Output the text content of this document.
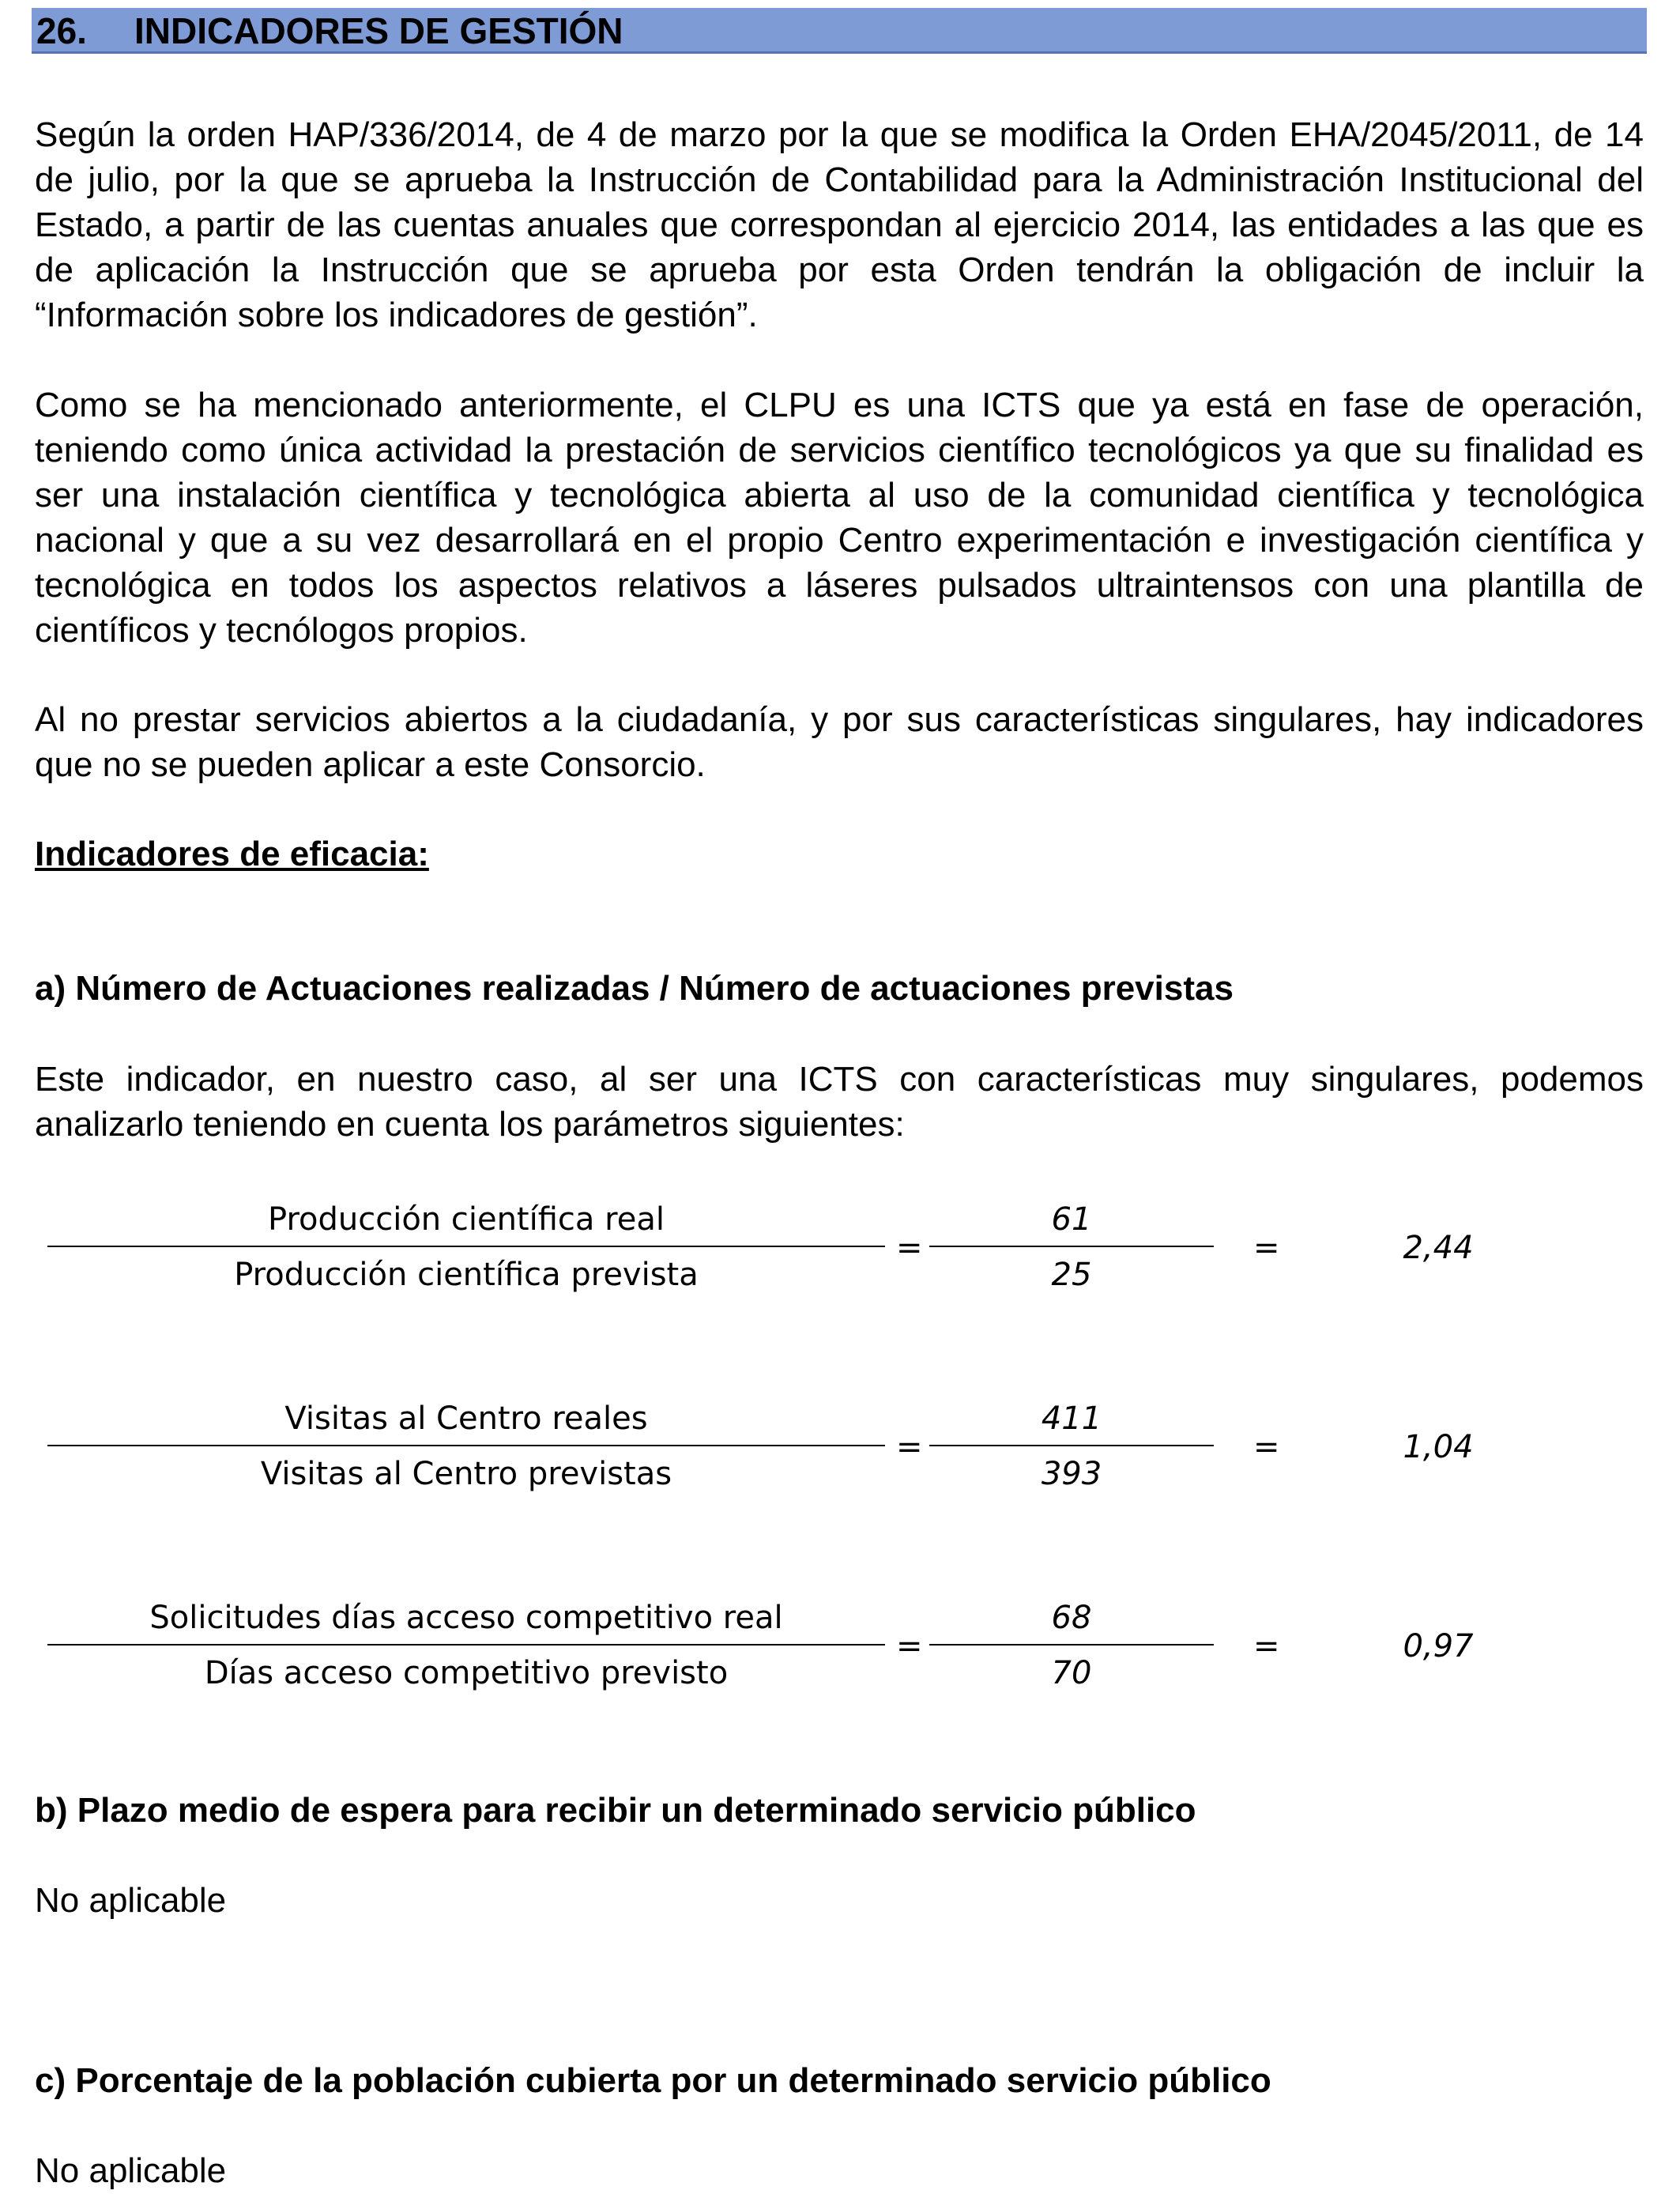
26. INDICADORES DE GESTIÓN

Según la orden HAP/336/2014, de 4 de marzo por la que se modifica la Orden EHA/2045/2011, de 14 de julio, por la que se aprueba la Instrucción de Contabilidad para la Administración Institucional del Estado, a partir de las cuentas anuales que correspondan al ejercicio 2014, las entidades a las que es de aplicación la Instrucción que se aprueba por esta Orden tendrán la obligación de incluir la “Información sobre los indicadores de gestión”.

Como se ha mencionado anteriormente, el CLPU es una ICTS que ya está en fase de operación, teniendo como única actividad la prestación de servicios científico tecnológicos ya que su finalidad es ser una instalación científica y tecnológica abierta al uso de la comunidad científica y tecnológica nacional y que a su vez desarrollará en el propio Centro experimentación e investigación científica y tecnológica en todos los aspectos relativos a láseres pulsados ultraintensos con una plantilla de científicos y tecnólogos propios.

Al no prestar servicios abiertos a la ciudadanía, y por sus características singulares, hay indicadores que no se pueden aplicar a este Consorcio.

Indicadores de eficacia:

a) Número de Actuaciones realizadas / Número de actuaciones previstas

Este indicador, en nuestro caso, al ser una ICTS con características muy singulares, podemos analizarlo teniendo en cuenta los parámetros siguientes:

Producción científica real
Producción científica prevista
=
61
25
=	2,44
Visitas al Centro reales
Visitas al Centro previstas
=
411
393
=	1,04
Solicitudes días acceso competitivo real
Días acceso competitivo previsto
=
68
70
=	0,97

b) Plazo medio de espera para recibir un determinado servicio público

No aplicable

c) Porcentaje de la población cubierta por un determinado servicio público

No aplicable
